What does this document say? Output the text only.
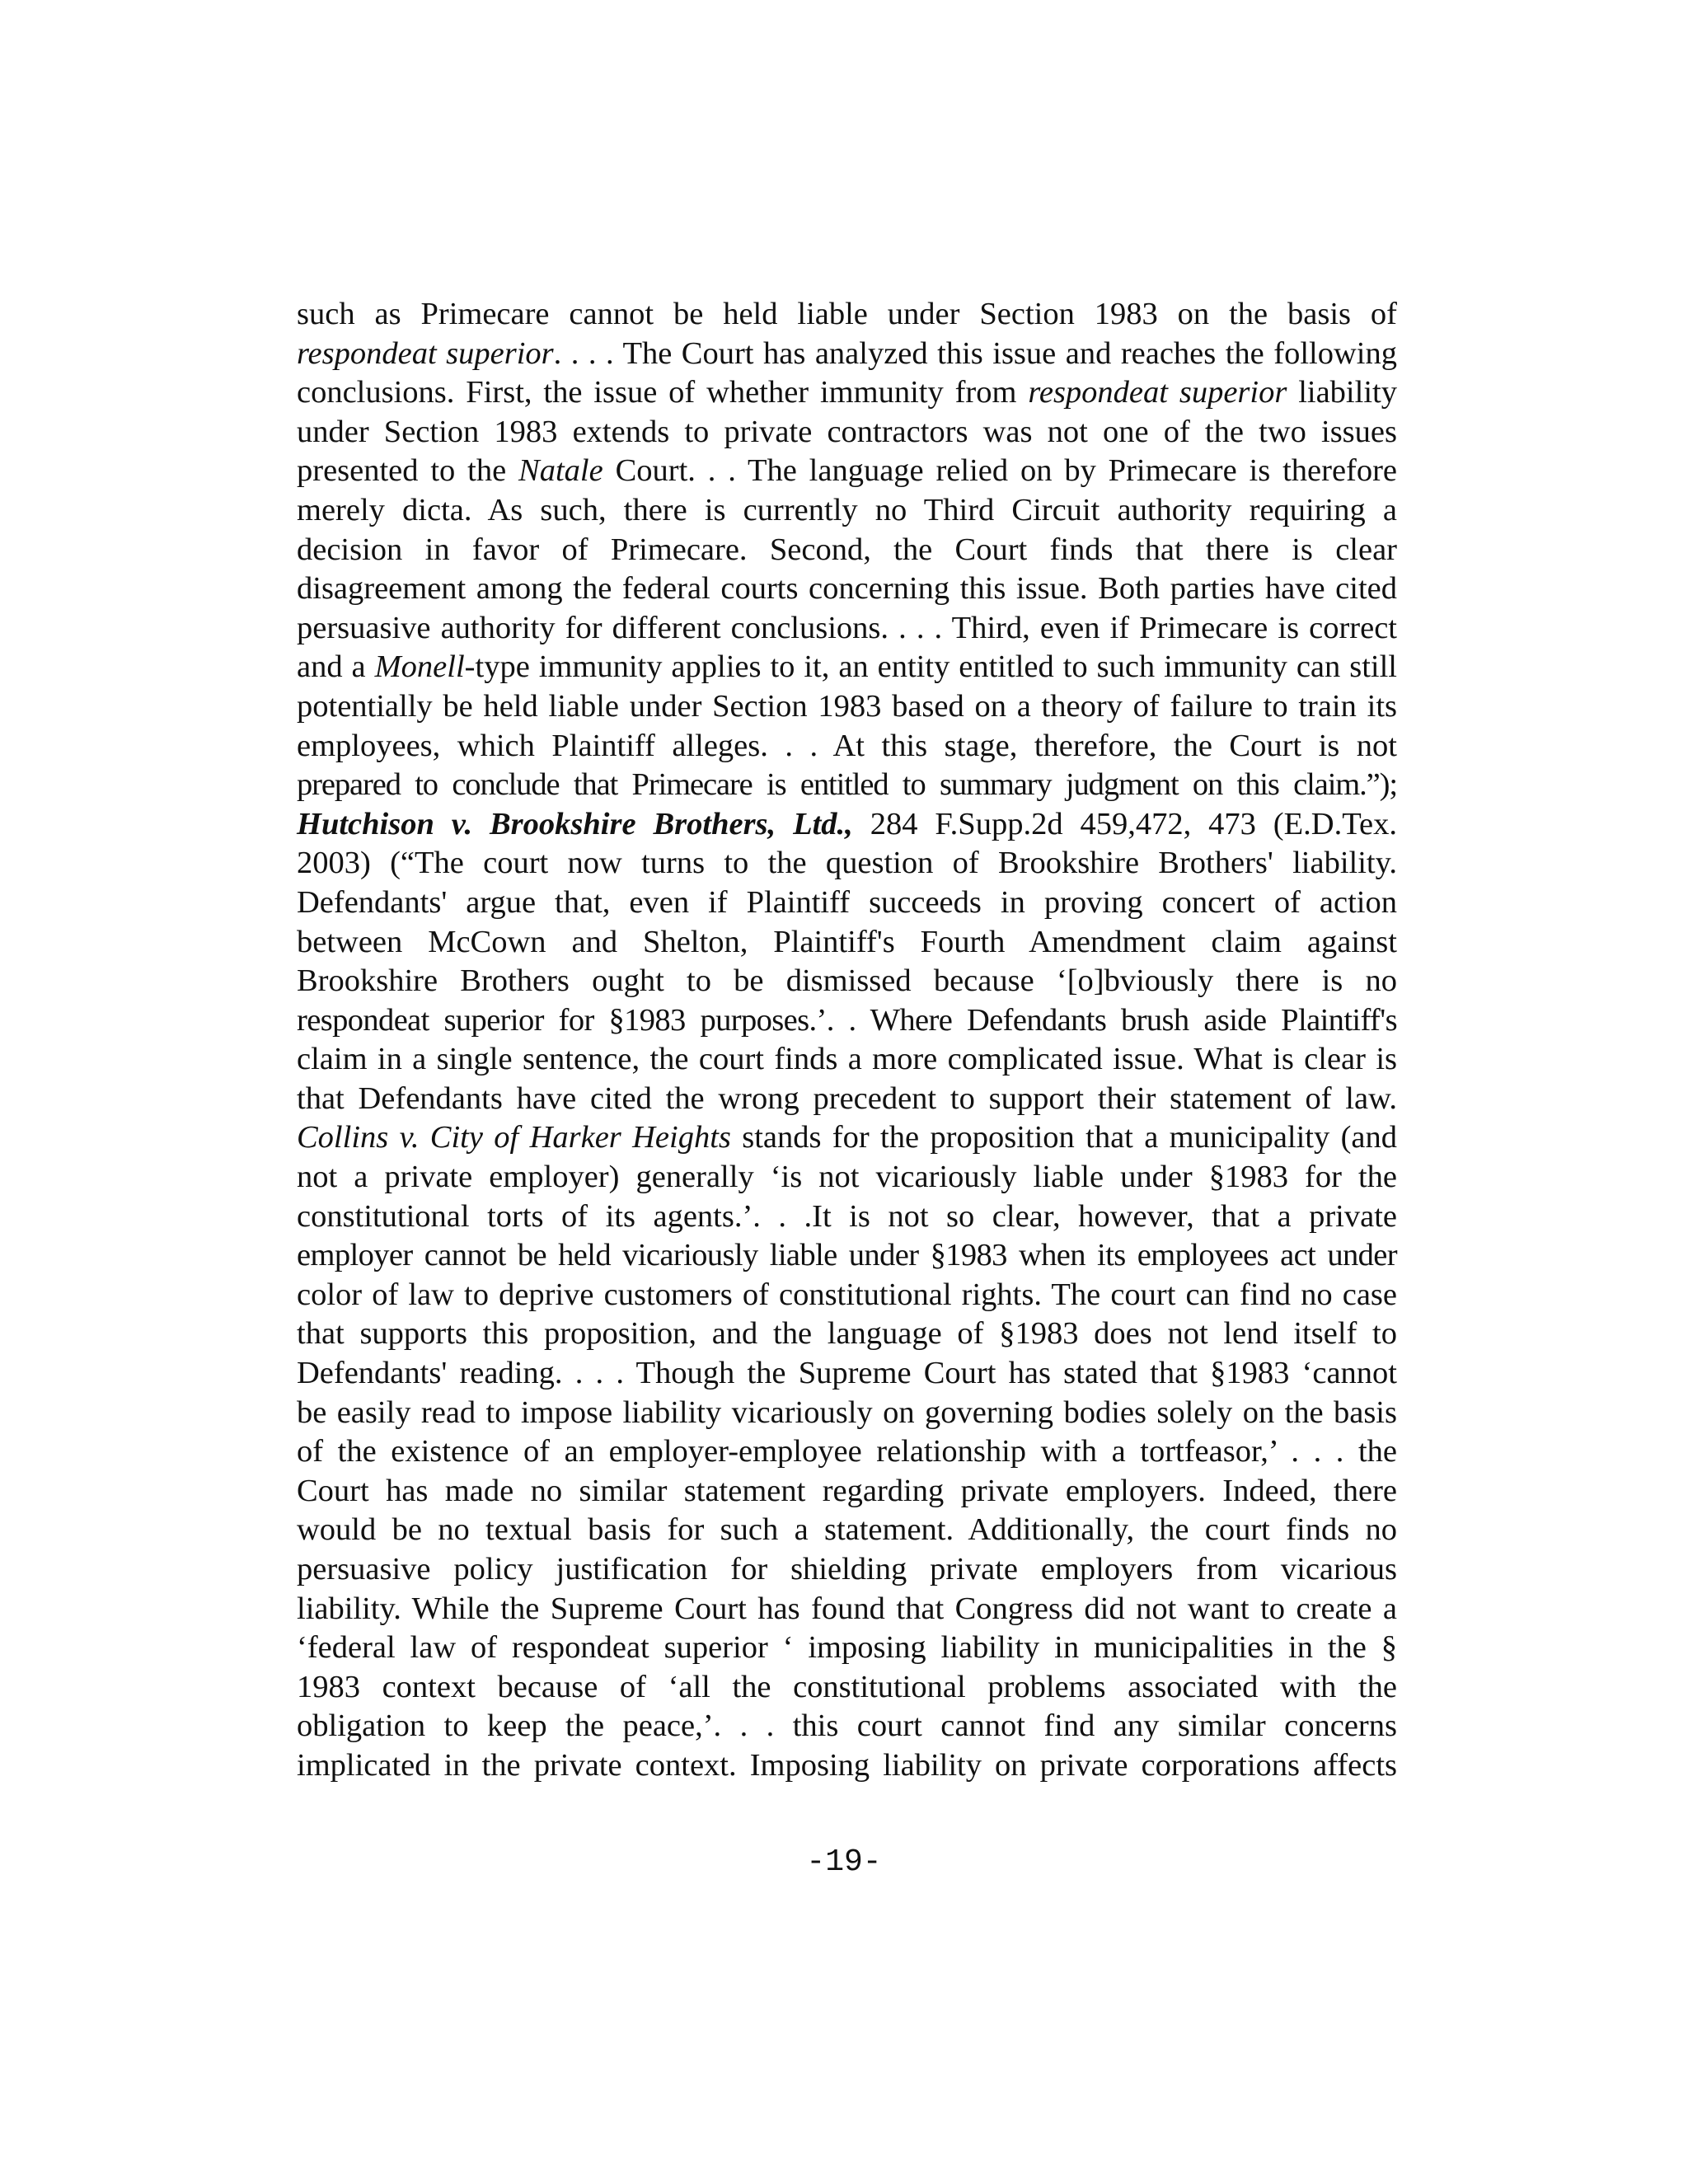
such as Primecare cannot be held liable under Section 1983 on the basis of
respondeat superior. . . . The Court has analyzed this issue and reaches the following
conclusions. First, the issue of whether immunity from respondeat superior liability
under Section 1983 extends to private contractors was not one of the two issues
presented to the Natale Court. . . The language relied on by Primecare is therefore
merely dicta. As such, there is currently no Third Circuit authority requiring a
decision in favor of Primecare. Second, the Court finds that there is clear
disagreement among the federal courts concerning this issue. Both parties have cited
persuasive authority for different conclusions. . . . Third, even if Primecare is correct
and a Monell-type immunity applies to it, an entity entitled to such immunity can still
potentially be held liable under Section 1983 based on a theory of failure to train its
employees, which Plaintiff alleges. . . At this stage, therefore, the Court is not
prepared to conclude that Primecare is entitled to summary judgment on this claim.”);
Hutchison v. Brookshire Brothers, Ltd., 284 F.Supp.2d 459,472, 473 (E.D.Tex.
2003) (“The court now turns to the question of Brookshire Brothers' liability.
Defendants' argue that, even if Plaintiff succeeds in proving concert of action
between McCown and Shelton, Plaintiff's Fourth Amendment claim against
Brookshire Brothers ought to be dismissed because ‘[o]bviously there is no
respondeat superior for §1983 purposes.’. . Where Defendants brush aside Plaintiff's
claim in a single sentence, the court finds a more complicated issue. What is clear is
that Defendants have cited the wrong precedent to support their statement of law.
Collins v. City of Harker Heights stands for the proposition that a municipality (and
not a private employer) generally ‘is not vicariously liable under §1983 for the
constitutional torts of its agents.’. . .It is not so clear, however, that a private
employer cannot be held vicariously liable under §1983 when its employees act under
color of law to deprive customers of constitutional rights. The court can find no case
that supports this proposition, and the language of §1983 does not lend itself to
Defendants' reading. . . . Though the Supreme Court has stated that §1983 ‘cannot
be easily read to impose liability vicariously on governing bodies solely on the basis
of the existence of an employer-employee relationship with a tortfeasor,’ . . . the
Court has made no similar statement regarding private employers. Indeed, there
would be no textual basis for such a statement. Additionally, the court finds no
persuasive policy justification for shielding private employers from vicarious
liability. While the Supreme Court has found that Congress did not want to create a
‘federal law of respondeat superior ‘ imposing liability in municipalities in the §
1983 context because of ‘all the constitutional problems associated with the
obligation to keep the peace,’. . . this court cannot find any similar concerns
implicated in the private context. Imposing liability on private corporations affects
-19-
